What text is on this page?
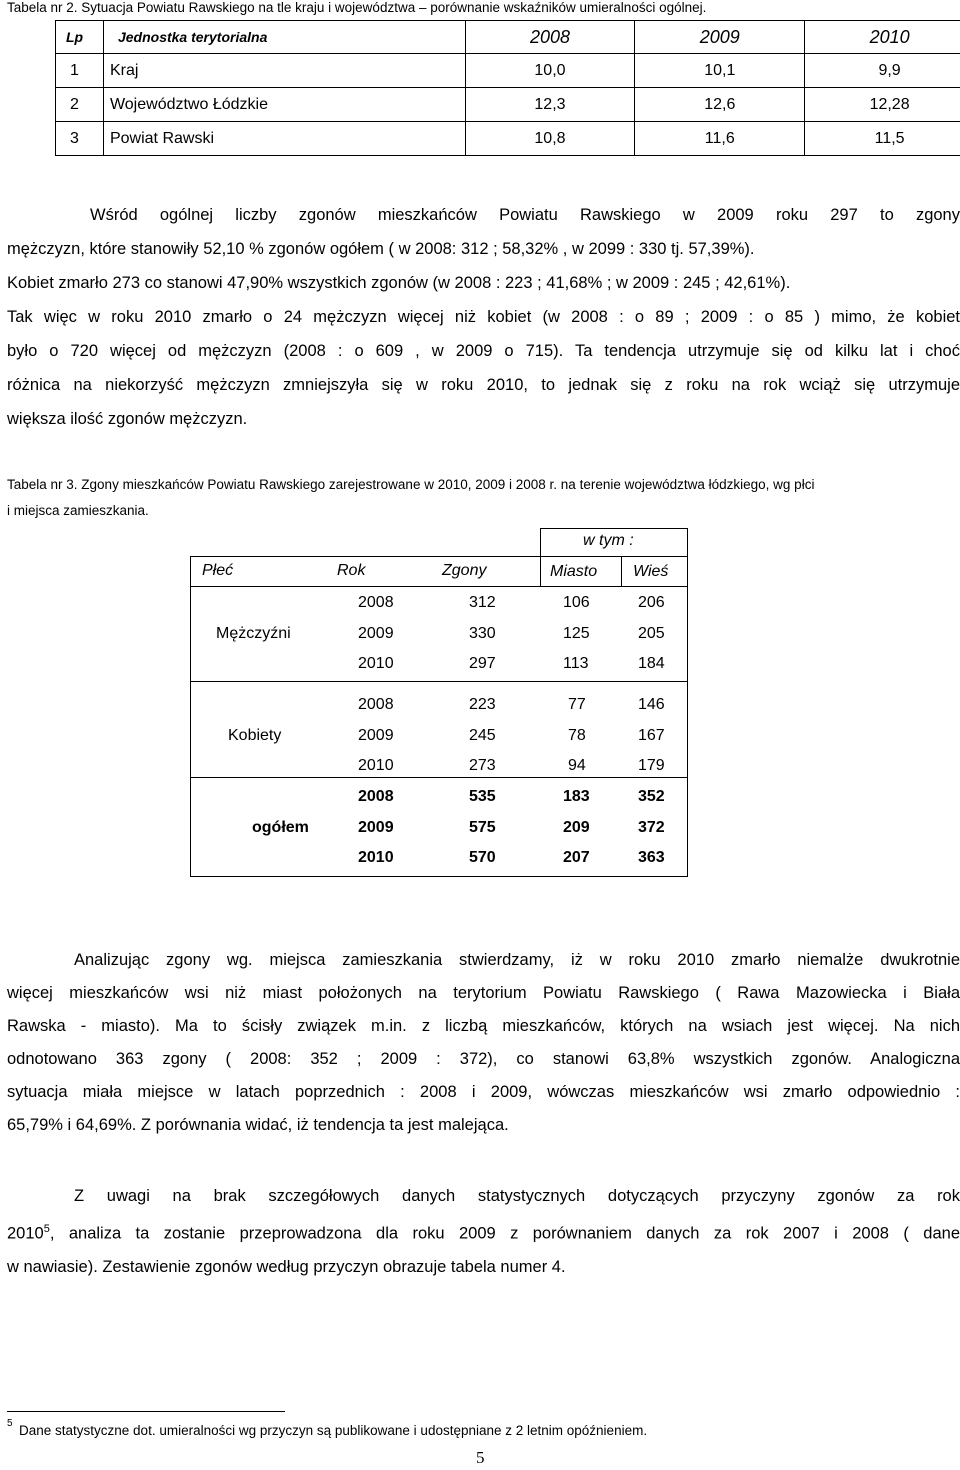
Tabela nr 2. Sytuacja Powiatu Rawskiego na tle kraju i województwa – porównanie wskaźników umieralności ogólnej.
Lp	Jednostka terytorialna	2008	2009	2010
1	Kraj	10,0	10,1	9,9
2	Województwo Łódzkie	12,3	12,6	12,28
3	Powiat Rawski	10,8	11,6	11,5
Wśród ogólnej liczby zgonów mieszkańców Powiatu Rawskiego w 2009 roku 297 to zgony
mężczyzn, które stanowiły 52,10 % zgonów ogółem ( w 2008: 312 ; 58,32% , w 2099 : 330 tj. 57,39%).
Kobiet zmarło 273 co stanowi 47,90% wszystkich zgonów (w 2008 : 223 ; 41,68% ; w 2009 : 245 ; 42,61%).
Tak więc w roku 2010 zmarło o 24 mężczyzn więcej niż kobiet (w 2008 : o 89 ; 2009 : o 85 ) mimo, że kobiet
było o 720 więcej od mężczyzn (2008 : o 609 , w 2009 o 715). Ta tendencja utrzymuje się od kilku lat i choć
różnica na niekorzyść mężczyzn zmniejszyła się w roku 2010, to jednak się z roku na rok wciąż się utrzymuje
większa ilość zgonów mężczyzn.
Tabela nr 3. Zgony mieszkańców Powiatu Rawskiego zarejestrowane w 2010, 2009 i 2008 r. na terenie województwa łódzkiego, wg płci
i miejsca zamieszkania.
w tym :
Płeć	Rok	Zgony	Miasto Wieś
Mężczyźni
2008	312	106	206
2009	330	125	205
2010	297	113	184
Kobiety
2008	223	77	146
2009	245	78	167
2010	273	94	179
ogółem
2008	535	183	352
2009	575	209	372
2010	570	207	363
Analizując zgony wg. miejsca zamieszkania stwierdzamy, iż w roku 2010 zmarło niemalże dwukrotnie
więcej mieszkańców wsi niż miast położonych na terytorium Powiatu Rawskiego ( Rawa Mazowiecka i Biała
Rawska - miasto). Ma to ścisły związek m.in. z liczbą mieszkańców, których na wsiach jest więcej. Na nich
odnotowano 363 zgony ( 2008: 352 ; 2009 : 372), co stanowi 63,8% wszystkich zgonów. Analogiczna
sytuacja miała miejsce w latach poprzednich : 2008 i 2009, wówczas mieszkańców wsi zmarło odpowiednio :
65,79% i 64,69%. Z porównania widać, iż tendencja ta jest malejąca.
Z uwagi na brak szczegółowych danych statystycznych dotyczących przyczyny zgonów za rok
2010$^5$, analiza ta zostanie przeprowadzona dla roku 2009 z porównaniem danych za rok 2007 i 2008 ( dane
w nawiasie). Zestawienie zgonów według przyczyn obrazuje tabela numer 4.
5 Dane statystyczne dot. umieralności wg przyczyn są publikowane i udostępniane z 2 letnim opóźnieniem.
5
